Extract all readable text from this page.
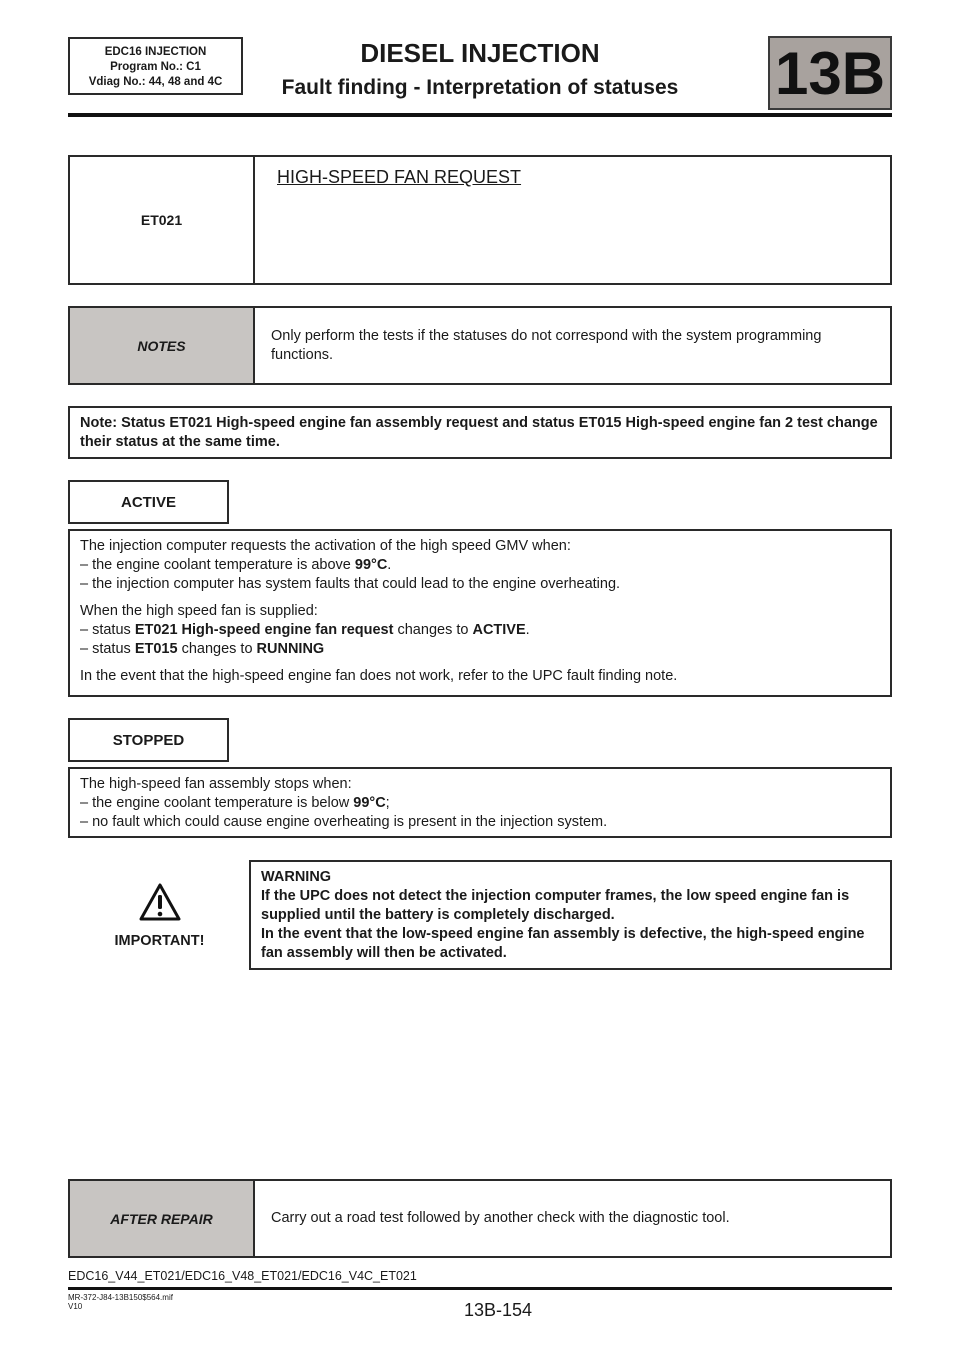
EDC16 INJECTION
Program No.: C1
Vdiag No.: 44, 48 and 4C
DIESEL INJECTION
Fault finding - Interpretation of statuses	13B
ET021
HIGH-SPEED FAN REQUEST
NOTES
Only perform the tests if the statuses do not correspond with the system programming functions.
Note: Status ET021 High-speed engine fan assembly request and status ET015 High-speed engine fan 2 test change their status at the same time.
ACTIVE

The injection computer requests the activation of the high speed GMV when:

– the engine coolant temperature is above 99°C.

– the injection computer has system faults that could lead to the engine overheating.

When the high speed fan is supplied:

– status ET021 High-speed engine fan request changes to ACTIVE.

– status ET015 changes to RUNNING

In the event that the high-speed engine fan does not work, refer to the UPC fault finding note.

STOPPED

The high-speed fan assembly stops when:

– the engine coolant temperature is below 99°C;

– no fault which could cause engine overheating is present in the injection system.

IMPORTANT!

WARNING

If the UPC does not detect the injection computer frames, the low speed engine fan is supplied until the battery is completely discharged.

In the event that the low-speed engine fan assembly is defective, the high-speed engine fan assembly will then be activated.

AFTER REPAIR	Carry out a road test followed by another check with the diagnostic tool.
EDC16_V44_ET021/EDC16_V48_ET021/EDC16_V4C_ET021
MR-372-J84-13B150$564.mif
V10	13B-154
